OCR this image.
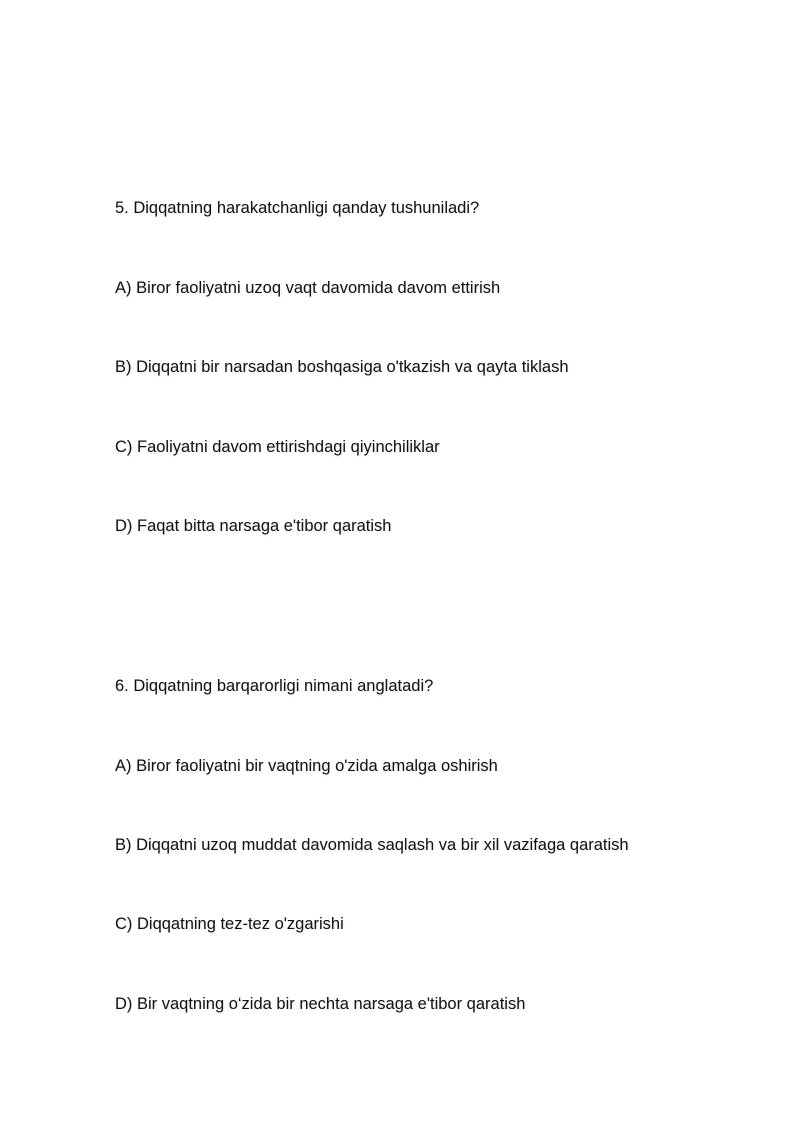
5. Diqqatning harakatchanligi qanday tushuniladi?
A) Biror faoliyatni uzoq vaqt davomida davom ettirish
B) Diqqatni bir narsadan boshqasiga o'tkazish va qayta tiklash
C) Faoliyatni davom ettirishdagi qiyinchiliklar
D) Faqat bitta narsaga e'tibor qaratish
6. Diqqatning barqarorligi nimani anglatadi?
A) Biror faoliyatni bir vaqtning o'zida amalga oshirish
B) Diqqatni uzoq muddat davomida saqlash va bir xil vazifaga qaratish
C) Diqqatning tez-tez o'zgarishi
D) Bir vaqtning o‘zida bir nechta narsaga e'tibor qaratish
